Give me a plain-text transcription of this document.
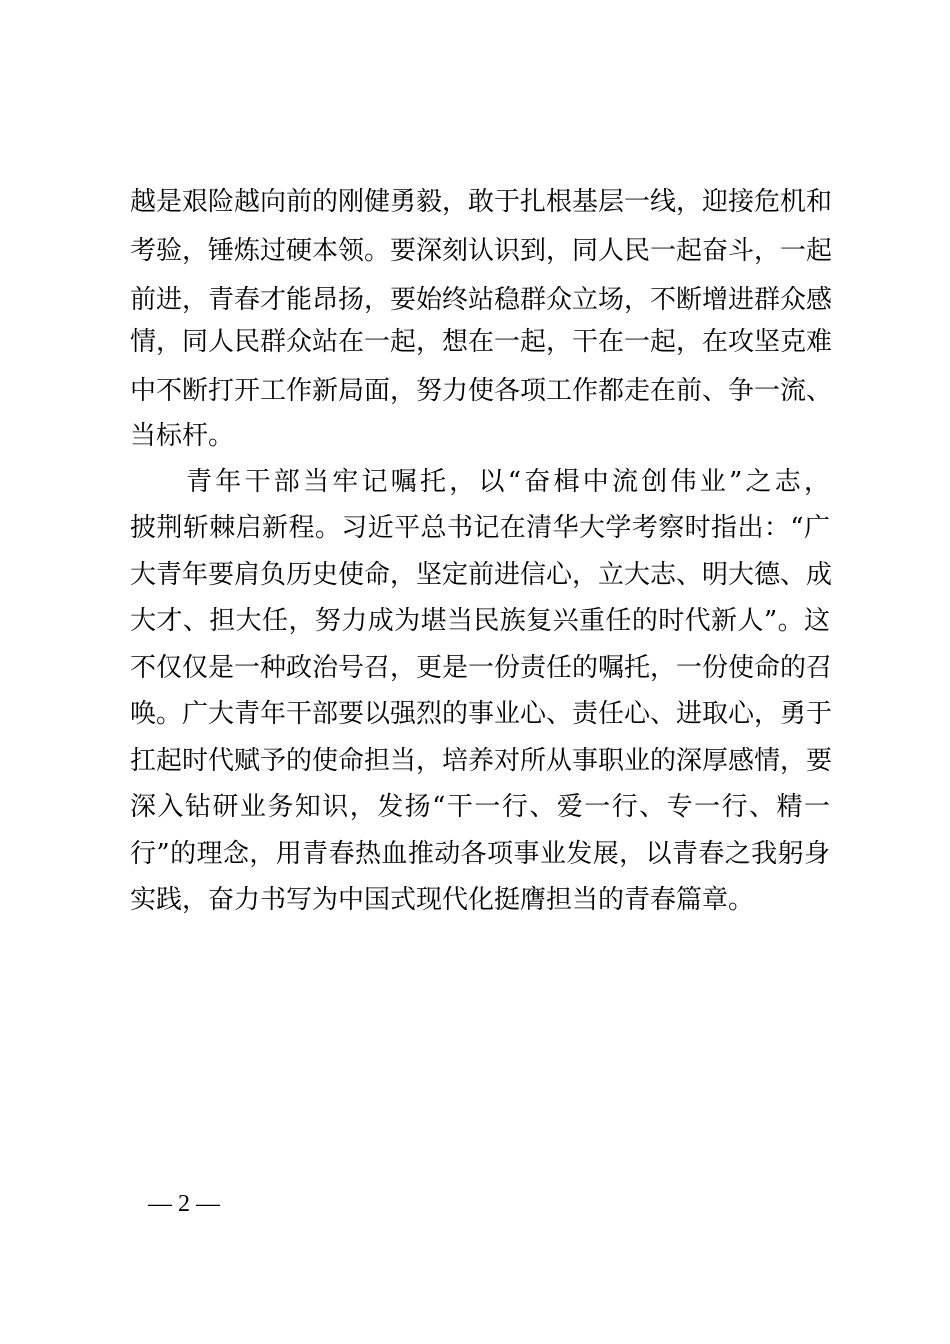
越是艰险越向前的刚健勇毅，敢于扎根基层一线，迎接危机和
考验，锤炼过硬本领。要深刻认识到，同人民一起奋斗，一起
前进，青春才能昂扬，要始终站稳群众立场，不断增进群众感
情，同人民群众站在一起，想在一起，干在一起，在攻坚克难
中不断打开工作新局面，努力使各项工作都走在前、争一流、
当标杆。
青年干部当牢记嘱托，以“奋楫中流创伟业”之志，
披荆斩棘启新程。习近平总书记在清华大学考察时指出：“广
大青年要肩负历史使命，坚定前进信心，立大志、明大德、成
大才、担大任，努力成为堪当民族复兴重任的时代新人”。这
不仅仅是一种政治号召，更是一份责任的嘱托，一份使命的召
唤。广大青年干部要以强烈的事业心、责任心、进取心，勇于
扛起时代赋予的使命担当，培养对所从事职业的深厚感情，要
深入钻研业务知识，发扬“干一行、爱一行、专一行、精一
行”的理念，用青春热血推动各项事业发展，以青春之我躬身
实践，奋力书写为中国式现代化挺膺担当的青春篇章。
— 2 —
